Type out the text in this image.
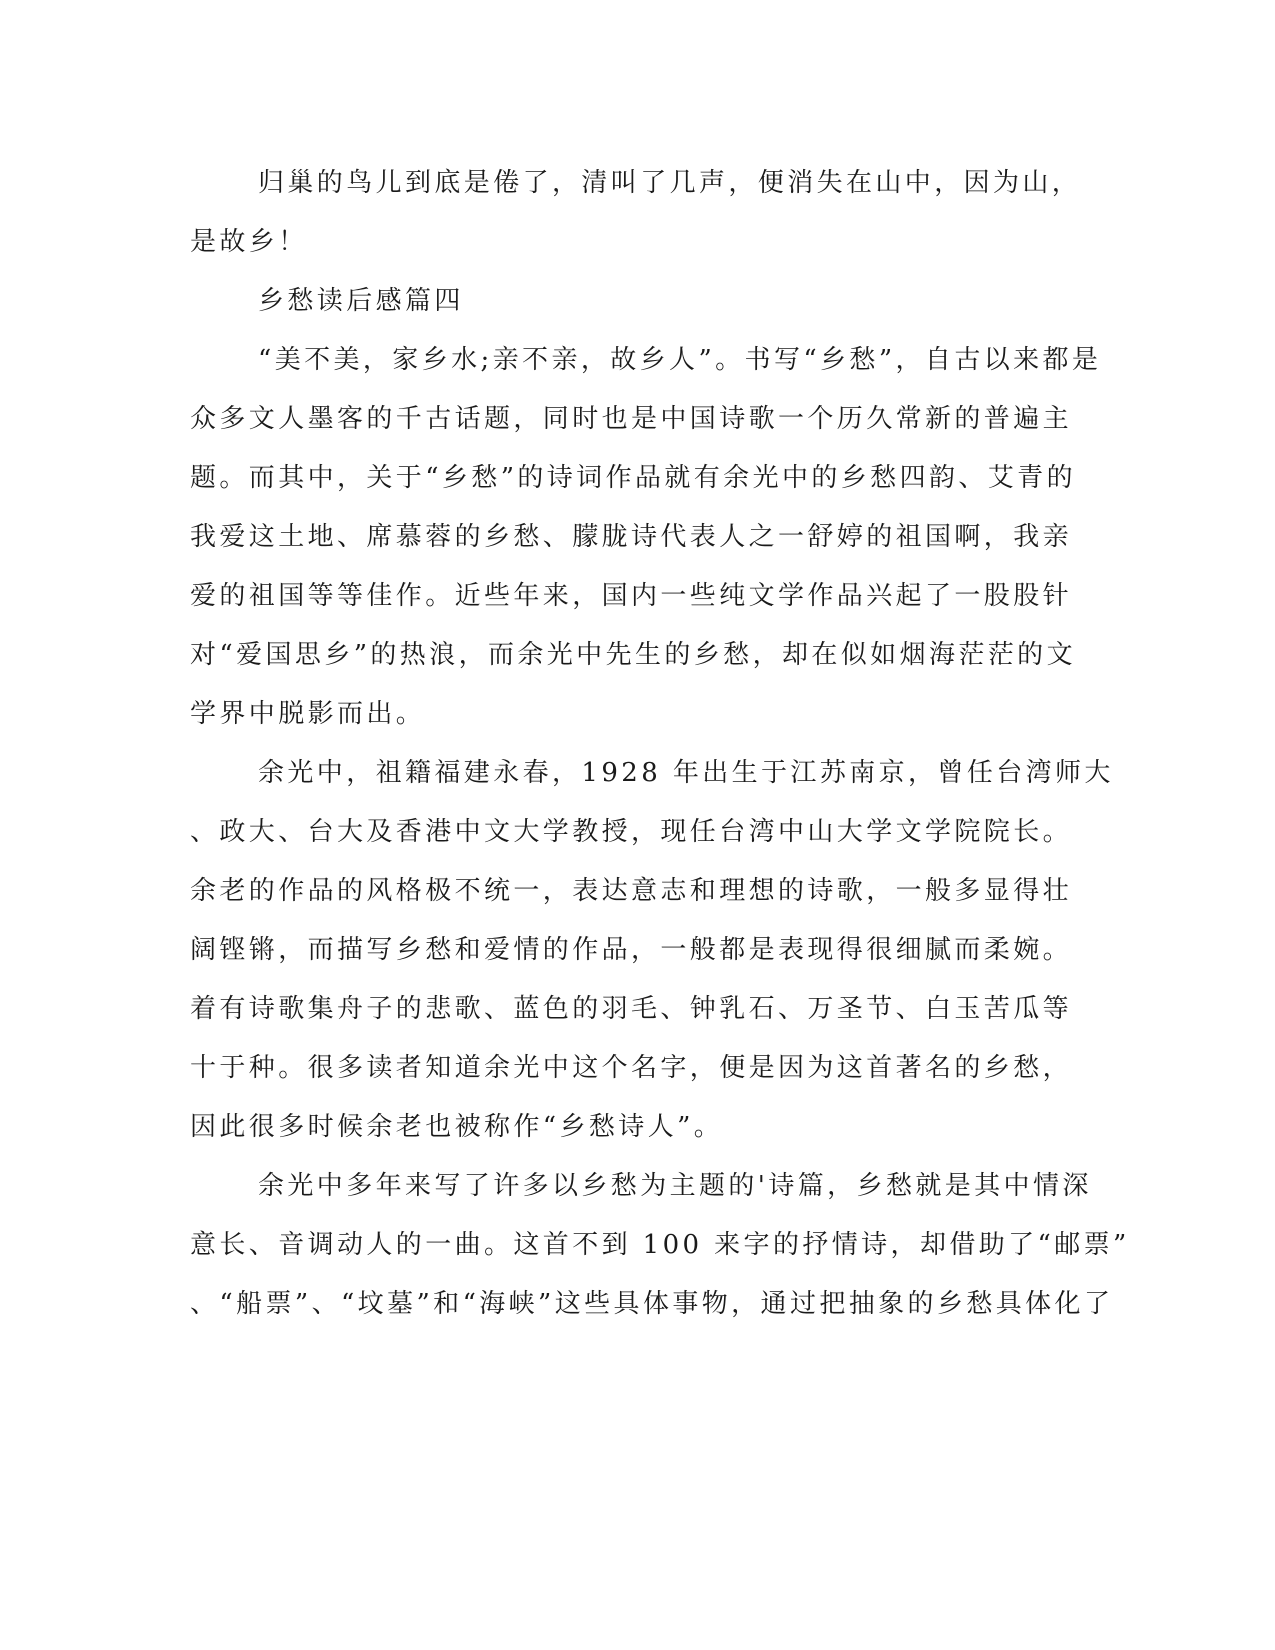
归巢的鸟儿到底是倦了，清叫了几声，便消失在山中，因为山，
是故乡！
乡愁读后感篇四
“美不美，家乡水;亲不亲，故乡人”。书写“乡愁”，自古以来都是
众多文人墨客的千古话题，同时也是中国诗歌一个历久常新的普遍主
题。而其中，关于“乡愁”的诗词作品就有余光中的乡愁四韵、艾青的
我爱这土地、席慕蓉的乡愁、朦胧诗代表人之一舒婷的祖国啊，我亲
爱的祖国等等佳作。近些年来，国内一些纯文学作品兴起了一股股针
对“爱国思乡”的热浪，而余光中先生的乡愁，却在似如烟海茫茫的文
学界中脱影而出。
余光中，祖籍福建永春，1928 年出生于江苏南京，曾任台湾师大
、政大、台大及香港中文大学教授，现任台湾中山大学文学院院长。
余老的作品的风格极不统一，表达意志和理想的诗歌，一般多显得壮
阔铿锵，而描写乡愁和爱情的作品，一般都是表现得很细腻而柔婉。
着有诗歌集舟子的悲歌、蓝色的羽毛、钟乳石、万圣节、白玉苦瓜等
十于种。很多读者知道余光中这个名字，便是因为这首著名的乡愁，
因此很多时候余老也被称作“乡愁诗人”。
余光中多年来写了许多以乡愁为主题的'诗篇，乡愁就是其中情深
意长、音调动人的一曲。这首不到 100 来字的抒情诗，却借助了“邮票”
、“船票”、“坟墓”和“海峡”这些具体事物，通过把抽象的乡愁具体化了
